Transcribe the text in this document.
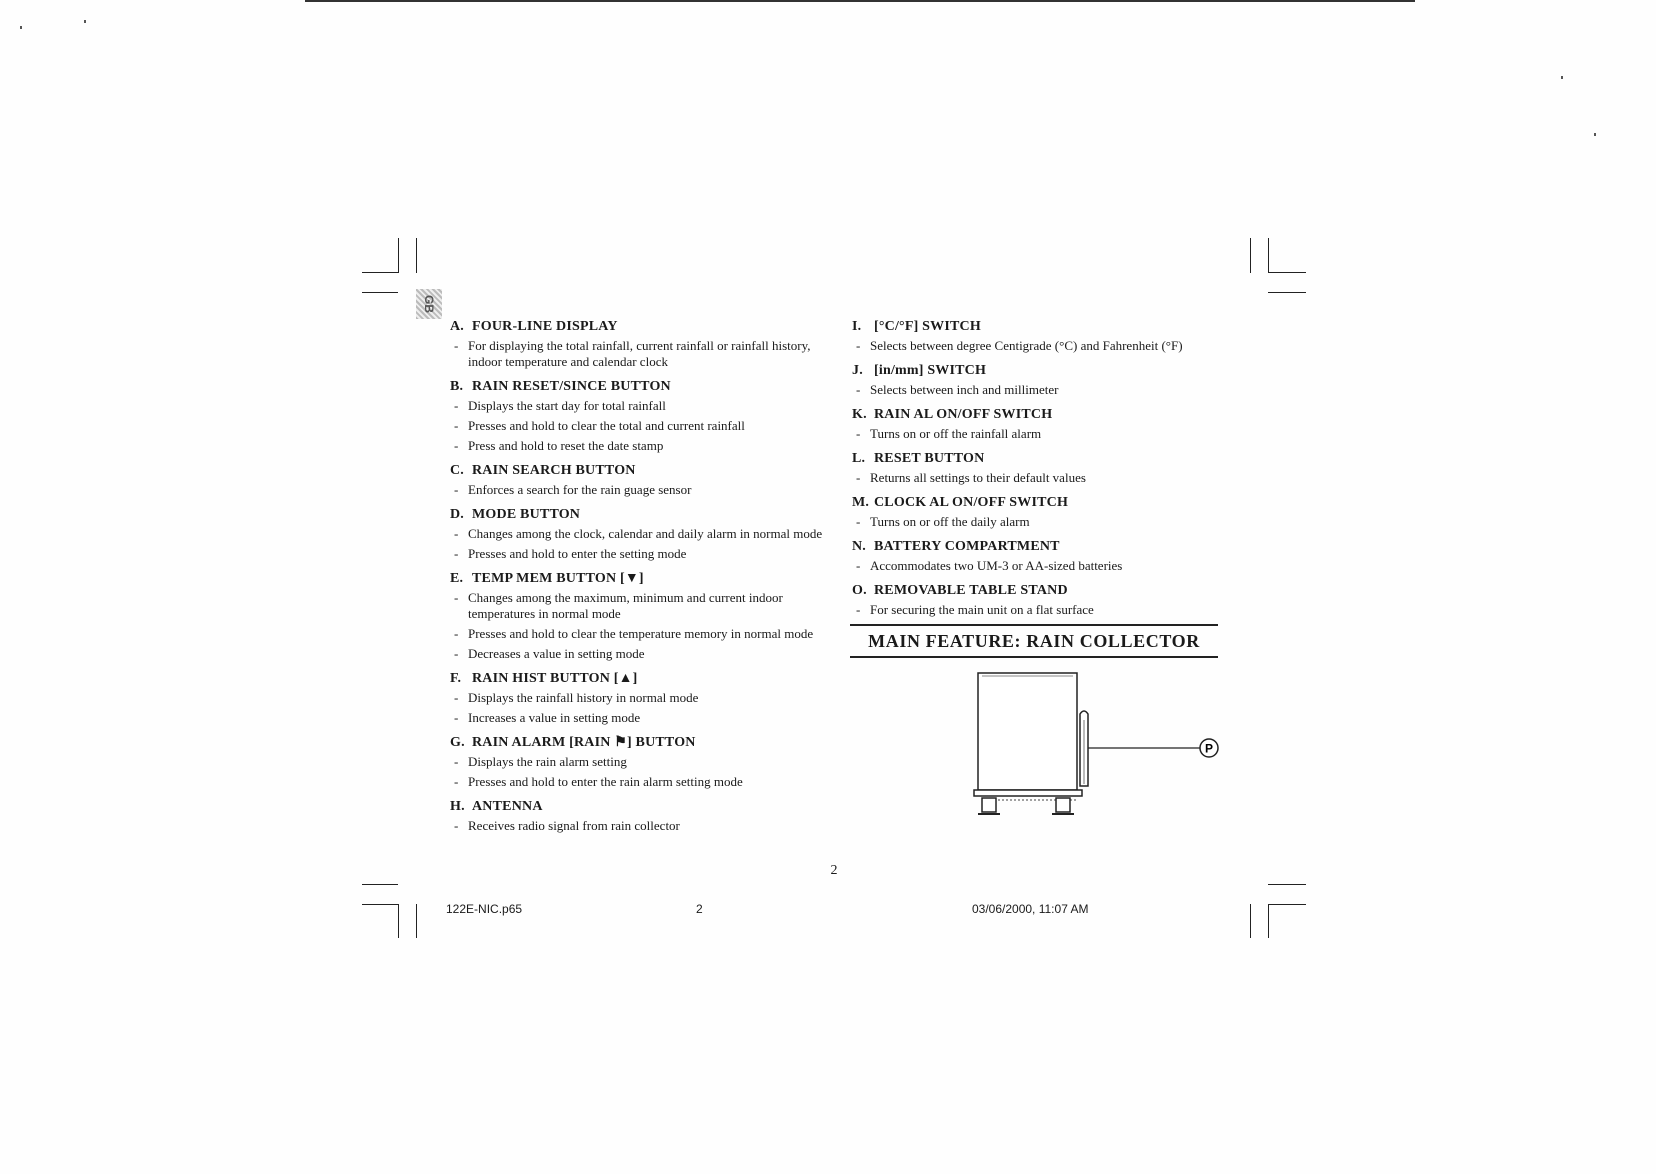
GB
A. FOUR-LINE DISPLAY
- For displaying the total rainfall, current rainfall or rainfall history, indoor temperature and calendar clock
B. RAIN RESET/SINCE BUTTON
- Displays the start day for total rainfall
- Presses and hold to clear the total and current rainfall
- Press and hold to reset the date stamp
C. RAIN SEARCH BUTTON
- Enforces a search for the rain guage sensor
D. MODE BUTTON
- Changes among the clock, calendar and daily alarm in normal mode
- Presses and hold to enter the setting mode
E. TEMP MEM BUTTON [▼]
- Changes among the maximum, minimum and current indoor temperatures in normal mode
- Presses and hold to clear the temperature memory in normal mode
- Decreases a value in setting mode
F. RAIN HIST BUTTON [▲]
- Displays the rainfall history in normal mode
- Increases a value in setting mode
G. RAIN ALARM [RAIN ⚑] BUTTON
- Displays the rain alarm setting
- Presses and hold to enter the rain alarm setting mode
H. ANTENNA
- Receives radio signal from rain collector
I. [°C/°F] SWITCH
- Selects between degree Centigrade (°C) and Fahrenheit (°F)
J. [in/mm] SWITCH
- Selects between inch and millimeter
K. RAIN AL ON/OFF SWITCH
- Turns on or off the rainfall alarm
L. RESET BUTTON
- Returns all settings to their default values
M. CLOCK AL ON/OFF SWITCH
- Turns on or off the daily alarm
N. BATTERY COMPARTMENT
- Accommodates two UM-3 or AA-sized batteries
O. REMOVABLE TABLE STAND
- For securing the main unit on a flat surface
MAIN FEATURE: RAIN COLLECTOR
P
2
122E-NIC.p65	2	03/06/2000, 11:07 AM
